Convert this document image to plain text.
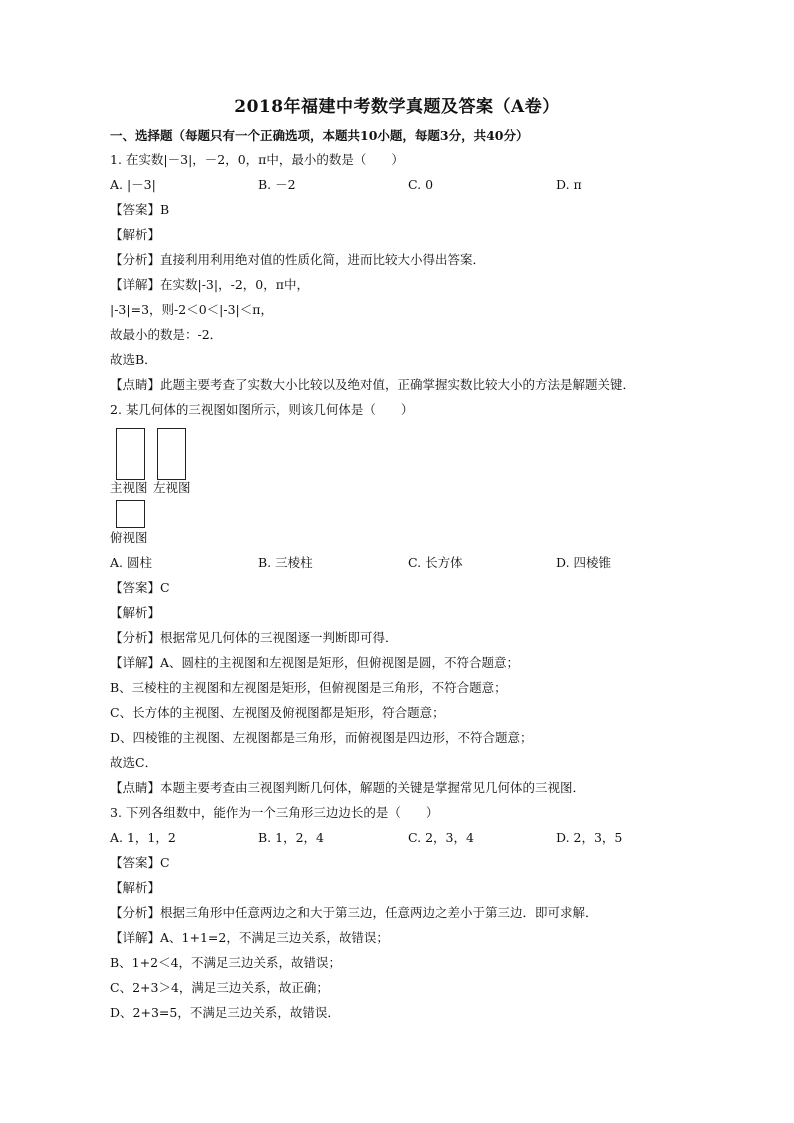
2018年福建中考数学真题及答案（A卷）
一、选择题（每题只有一个正确选项，本题共10小题，每题3分，共40分）
1. 在实数|－3|，－2，0，π中，最小的数是（　　）
A. |－3|	B. －2	C. 0	D. π
【答案】B
【解析】
【分析】直接利用利用绝对值的性质化简，进而比较大小得出答案．
【详解】在实数|-3|，-2，0，π中，
|-3|=3，则-2＜0＜|-3|＜π，
故最小的数是：-2．
故选B．
【点睛】此题主要考查了实数大小比较以及绝对值，正确掌握实数比较大小的方法是解题关键．
2. 某几何体的三视图如图所示，则该几何体是（　　）
主视图 左视图
俯视图
A. 圆柱	B. 三棱柱	C. 长方体	D. 四棱锥
【答案】C
【解析】
【分析】根据常见几何体的三视图逐一判断即可得．
【详解】A、圆柱的主视图和左视图是矩形，但俯视图是圆，不符合题意；
B、三棱柱的主视图和左视图是矩形，但俯视图是三角形，不符合题意；
C、长方体的主视图、左视图及俯视图都是矩形，符合题意；
D、四棱锥的主视图、左视图都是三角形，而俯视图是四边形，不符合题意；
故选C．
【点睛】本题主要考查由三视图判断几何体，解题的关键是掌握常见几何体的三视图．
3. 下列各组数中，能作为一个三角形三边边长的是（　　）
A. 1，1，2	B. 1，2，4	C. 2，3，4	D. 2，3，5
【答案】C
【解析】
【分析】根据三角形中任意两边之和大于第三边，任意两边之差小于第三边．即可求解．
【详解】A、1+1=2，不满足三边关系，故错误；
B、1+2＜4，不满足三边关系，故错误；
C、2+3＞4，满足三边关系，故正确；
D、2+3=5，不满足三边关系，故错误．
